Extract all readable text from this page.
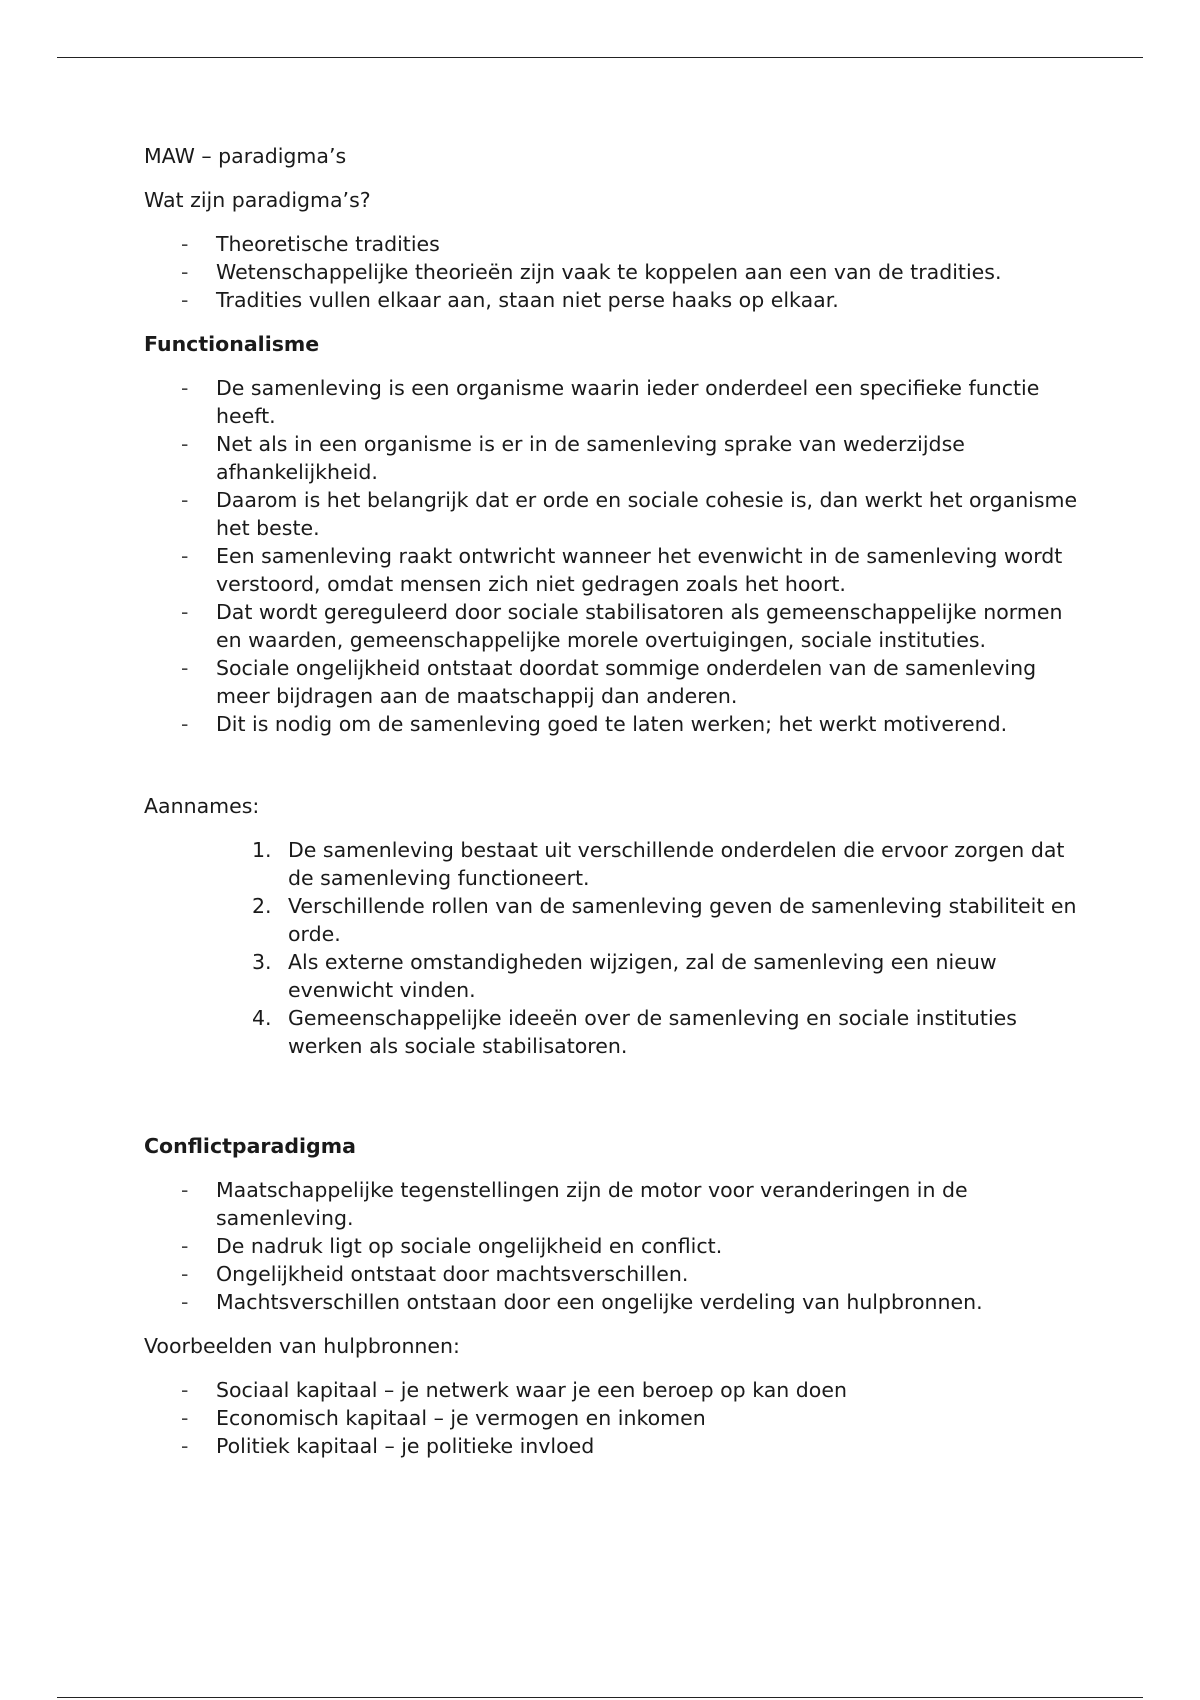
MAW – paradigma’s

Wat zijn paradigma’s?

- Theoretische tradities
- Wetenschappelijke theorieën zijn vaak te koppelen aan een van de tradities.
- Tradities vullen elkaar aan, staan niet perse haaks op elkaar.

Functionalisme

- De samenleving is een organisme waarin ieder onderdeel een specifieke functie heeft.
- Net als in een organisme is er in de samenleving sprake van wederzijdse afhankelijkheid.
- Daarom is het belangrijk dat er orde en sociale cohesie is, dan werkt het organisme het beste.
- Een samenleving raakt ontwricht wanneer het evenwicht in de samenleving wordt verstoord, omdat mensen zich niet gedragen zoals het hoort.
- Dat wordt gereguleerd door sociale stabilisatoren als gemeenschappelijke normen en waarden, gemeenschappelijke morele overtuigingen, sociale instituties.
- Sociale ongelijkheid ontstaat doordat sommige onderdelen van de samenleving meer bijdragen aan de maatschappij dan anderen.
- Dit is nodig om de samenleving goed te laten werken; het werkt motiverend.

Aannames:

1. De samenleving bestaat uit verschillende onderdelen die ervoor zorgen dat de samenleving functioneert.
2. Verschillende rollen van de samenleving geven de samenleving stabiliteit en orde.
3. Als externe omstandigheden wijzigen, zal de samenleving een nieuw evenwicht vinden.
4. Gemeenschappelijke ideeën over de samenleving en sociale instituties werken als sociale stabilisatoren.

Conflictparadigma

- Maatschappelijke tegenstellingen zijn de motor voor veranderingen in de samenleving.
- De nadruk ligt op sociale ongelijkheid en conflict.
- Ongelijkheid ontstaat door machtsverschillen.
- Machtsverschillen ontstaan door een ongelijke verdeling van hulpbronnen.

Voorbeelden van hulpbronnen:

- Sociaal kapitaal – je netwerk waar je een beroep op kan doen
- Economisch kapitaal – je vermogen en inkomen
- Politiek kapitaal – je politieke invloed
